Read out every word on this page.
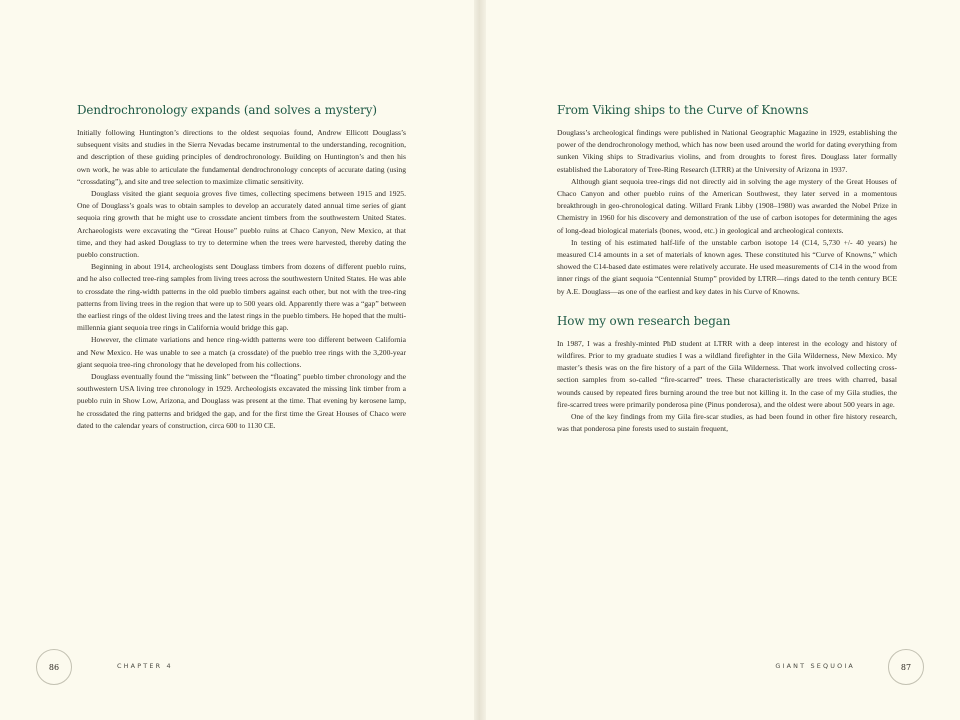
Dendrochronology expands (and solves a mystery)

Initially following Huntington’s directions to the oldest sequoias found, Andrew Ellicott Douglass’s subsequent visits and studies in the Sierra Nevadas became instrumental to the understanding, recognition, and description of these guiding principles of dendrochronology. Building on Huntington’s and then his own work, he was able to articulate the fundamental dendrochronology concepts of accurate dating (using “crossdating”), and site and tree selection to maximize climatic sensitivity.

Douglass visited the giant sequoia groves five times, collecting specimens between 1915 and 1925. One of Douglass’s goals was to obtain samples to develop an accurately dated annual time series of giant sequoia ring growth that he might use to crossdate ancient timbers from the southwestern United States. Archaeologists were excavating the “Great House” pueblo ruins at Chaco Canyon, New Mexico, at that time, and they had asked Douglass to try to determine when the trees were harvested, thereby dating the pueblo construction.

Beginning in about 1914, archeologists sent Douglass timbers from dozens of different pueblo ruins, and he also collected tree-ring samples from living trees across the southwestern United States. He was able to crossdate the ring-width patterns in the old pueblo timbers against each other, but not with the tree-ring patterns from living trees in the region that were up to 500 years old. Apparently there was a “gap” between the earliest rings of the oldest living trees and the latest rings in the pueblo timbers. He hoped that the multi-millennia giant sequoia tree rings in California would bridge this gap.

However, the climate variations and hence ring-width patterns were too different between California and New Mexico. He was unable to see a match (a crossdate) of the pueblo tree rings with the 3,200-year giant sequoia tree-ring chronology that he developed from his collections.

Douglass eventually found the “missing link” between the “floating” pueblo timber chronology and the southwestern USA living tree chronology in 1929. Archeologists excavated the missing link timber from a pueblo ruin in Show Low, Arizona, and Douglass was present at the time. That evening by kerosene lamp, he crossdated the ring patterns and bridged the gap, and for the first time the Great Houses of Chaco were dated to the calendar years of construction, circa 600 to 1130 CE.

86	CHAPTER 4
From Viking ships to the Curve of Knowns

Douglass’s archeological findings were published in National Geographic Magazine in 1929, establishing the power of the dendrochronology method, which has now been used around the world for dating everything from sunken Viking ships to Stradivarius violins, and from droughts to forest fires. Douglass later formally established the Laboratory of Tree-Ring Research (LTRR) at the University of Arizona in 1937.

Although giant sequoia tree-rings did not directly aid in solving the age mystery of the Great Houses of Chaco Canyon and other pueblo ruins of the American Southwest, they later served in a momentous breakthrough in geo-chronological dating. Willard Frank Libby (1908–1980) was awarded the Nobel Prize in Chemistry in 1960 for his discovery and demonstration of the use of carbon isotopes for determining the ages of long-dead biological materials (bones, wood, etc.) in geological and archeological contexts.

In testing of his estimated half-life of the unstable carbon isotope 14 (C14, 5,730 +/- 40 years) he measured C14 amounts in a set of materials of known ages. These constituted his “Curve of Knowns,” which showed the C14-based date estimates were relatively accurate. He used measurements of C14 in the wood from inner rings of the giant sequoia “Centennial Stump” provided by LTRR—rings dated to the tenth century BCE by A.E. Douglass—as one of the earliest and key dates in his Curve of Knowns.

How my own research began

In 1987, I was a freshly-minted PhD student at LTRR with a deep interest in the ecology and history of wildfires. Prior to my graduate studies I was a wildland firefighter in the Gila Wilderness, New Mexico. My master’s thesis was on the fire history of a part of the Gila Wilderness. That work involved collecting cross-section samples from so-called “fire-scarred” trees. These characteristically are trees with charred, basal wounds caused by repeated fires burning around the tree but not killing it. In the case of my Gila studies, the fire-scarred trees were primarily ponderosa pine (Pinus ponderosa), and the oldest were about 500 years in age.

One of the key findings from my Gila fire-scar studies, as had been found in other fire history research, was that ponderosa pine forests used to sustain frequent,

GIANT SEQUOIA	87
